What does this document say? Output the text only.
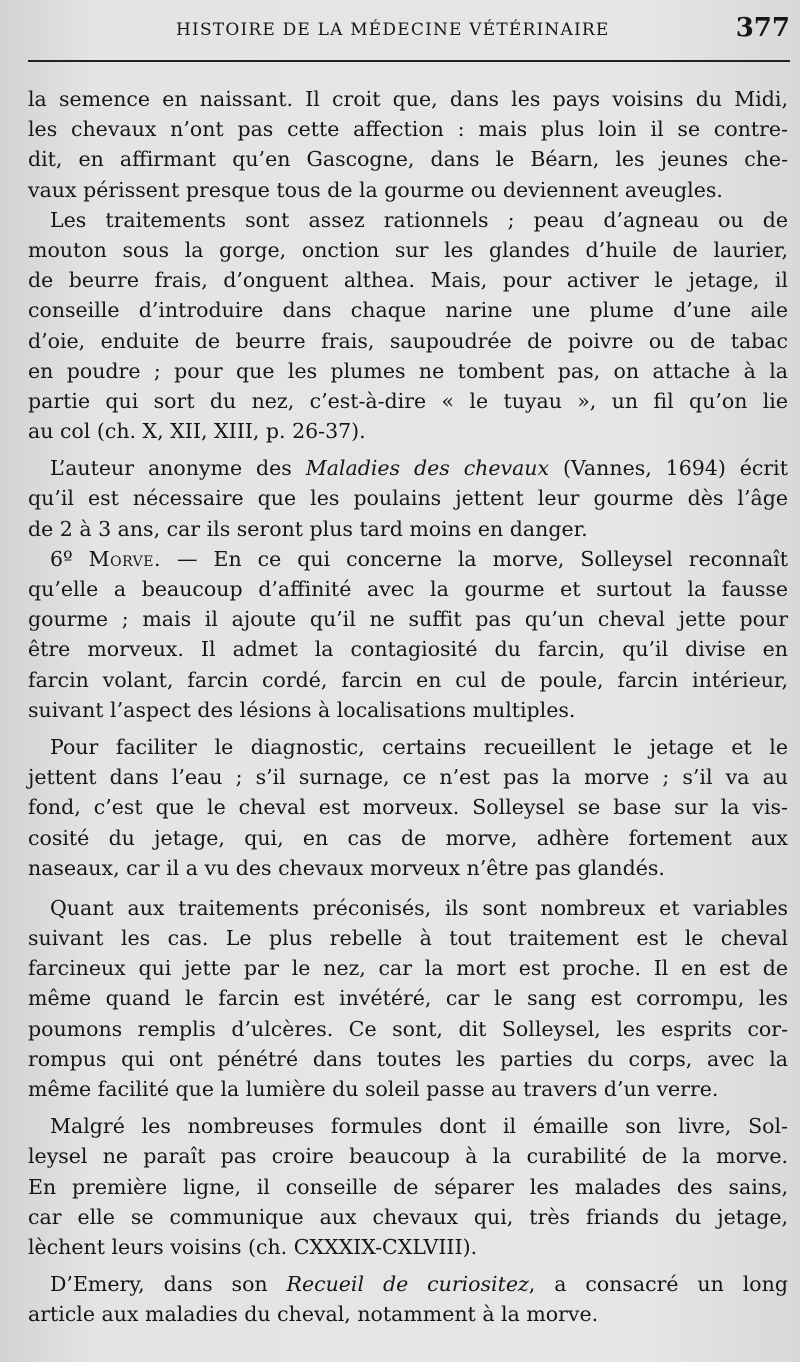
HISTOIRE DE LA MÉDECINE VÉTÉRINAIRE	377
la semence en naissant. Il croit que, dans les pays voisins du Midi,
les chevaux n’ont pas cette affection : mais plus loin il se contre-
dit, en affirmant qu’en Gascogne, dans le Béarn, les jeunes che-
vaux périssent presque tous de la gourme ou deviennent aveugles.
Les traitements sont assez rationnels ; peau d’agneau ou de
mouton sous la gorge, onction sur les glandes d’huile de laurier,
de beurre frais, d’onguent althea. Mais, pour activer le jetage, il
conseille d’introduire dans chaque narine une plume d’une aile
d’oie, enduite de beurre frais, saupoudrée de poivre ou de tabac
en poudre ; pour que les plumes ne tombent pas, on attache à la
partie qui sort du nez, c’est-à-dire « le tuyau », un fil qu’on lie
au col (ch. X, XII, XIII, p. 26-37).
L’auteur anonyme des Maladies des chevaux (Vannes, 1694) écrit
qu’il est nécessaire que les poulains jettent leur gourme dès l’âge
de 2 à 3 ans, car ils seront plus tard moins en danger.
6º Morve. — En ce qui concerne la morve, Solleysel reconnaît
qu’elle a beaucoup d’affinité avec la gourme et surtout la fausse
gourme ; mais il ajoute qu’il ne suffit pas qu’un cheval jette pour
être morveux. Il admet la contagiosité du farcin, qu’il divise en
farcin volant, farcin cordé, farcin en cul de poule, farcin intérieur,
suivant l’aspect des lésions à localisations multiples.
Pour faciliter le diagnostic, certains recueillent le jetage et le
jettent dans l’eau ; s’il surnage, ce n’est pas la morve ; s’il va au
fond, c’est que le cheval est morveux. Solleysel se base sur la vis-
cosité du jetage, qui, en cas de morve, adhère fortement aux
naseaux, car il a vu des chevaux morveux n’être pas glandés.
Quant aux traitements préconisés, ils sont nombreux et variables
suivant les cas. Le plus rebelle à tout traitement est le cheval
farcineux qui jette par le nez, car la mort est proche. Il en est de
même quand le farcin est invétéré, car le sang est corrompu, les
poumons remplis d’ulcères. Ce sont, dit Solleysel, les esprits cor-
rompus qui ont pénétré dans toutes les parties du corps, avec la
même facilité que la lumière du soleil passe au travers d’un verre.
Malgré les nombreuses formules dont il émaille son livre, Sol-
leysel ne paraît pas croire beaucoup à la curabilité de la morve.
En première ligne, il conseille de séparer les malades des sains,
car elle se communique aux chevaux qui, très friands du jetage,
lèchent leurs voisins (ch. CXXXIX-CXLVIII).
D’Emery, dans son Recueil de curiositez, a consacré un long
article aux maladies du cheval, notamment à la morve.
